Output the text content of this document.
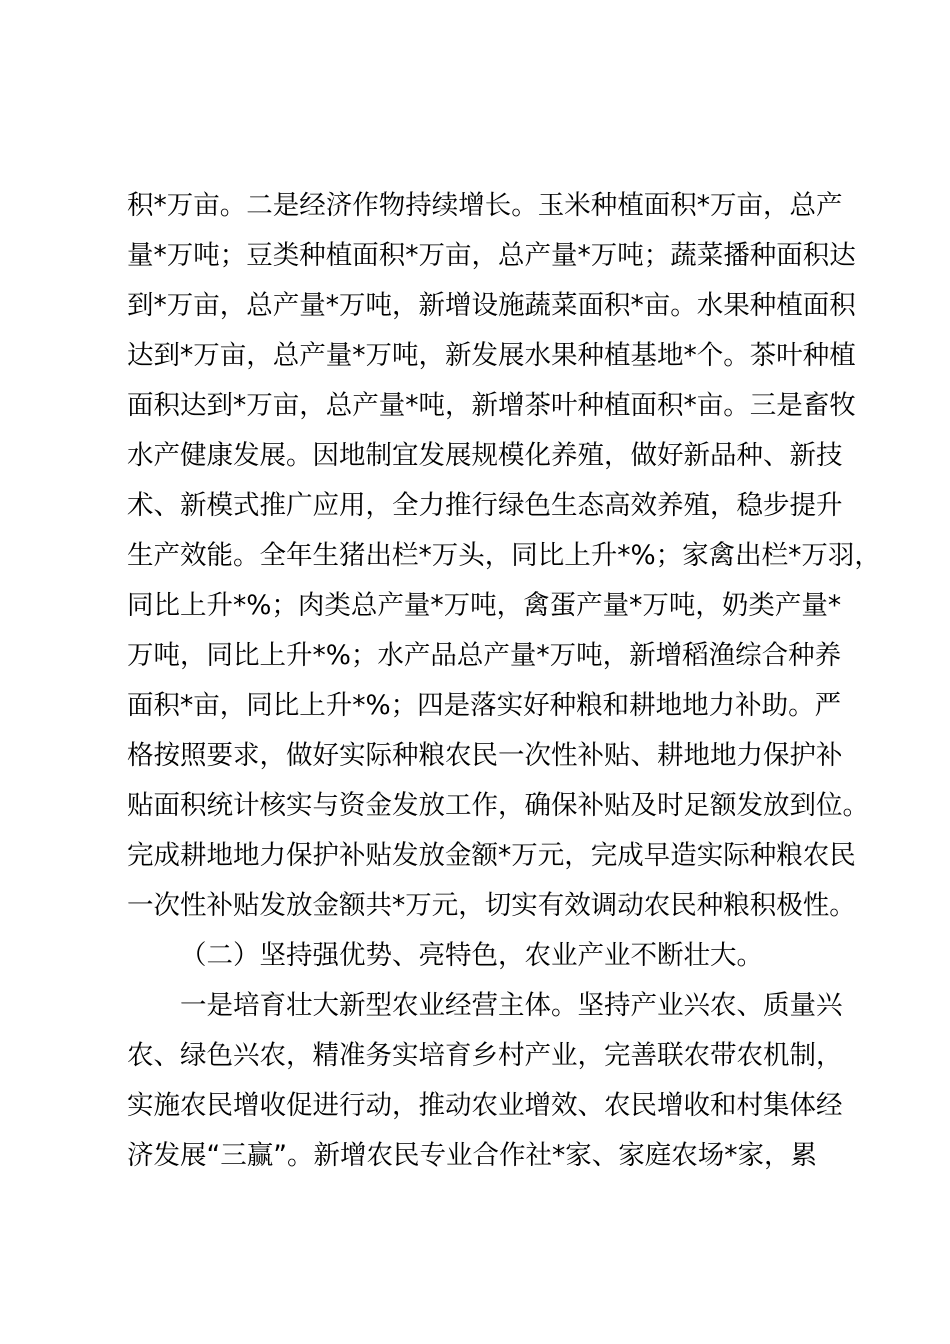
积*万亩。二是经济作物持续增长。玉米种植面积*万亩，总产
量*万吨；豆类种植面积*万亩，总产量*万吨；蔬菜播种面积达
到*万亩，总产量*万吨，新增设施蔬菜面积*亩。水果种植面积
达到*万亩，总产量*万吨，新发展水果种植基地*个。茶叶种植
面积达到*万亩，总产量*吨，新增茶叶种植面积*亩。三是畜牧
水产健康发展。因地制宜发展规模化养殖，做好新品种、新技
术、新模式推广应用，全力推行绿色生态高效养殖，稳步提升
生产效能。全年生猪出栏*万头，同比上升*%；家禽出栏*万羽，
同比上升*%；肉类总产量*万吨，禽蛋产量*万吨，奶类产量*
万吨，同比上升*%；水产品总产量*万吨，新增稻渔综合种养
面积*亩，同比上升*%；四是落实好种粮和耕地地力补助。严
格按照要求，做好实际种粮农民一次性补贴、耕地地力保护补
贴面积统计核实与资金发放工作，确保补贴及时足额发放到位。
完成耕地地力保护补贴发放金额*万元，完成早造实际种粮农民
一次性补贴发放金额共*万元，切实有效调动农民种粮积极性。
（二）坚持强优势、亮特色，农业产业不断壮大。
一是培育壮大新型农业经营主体。坚持产业兴农、质量兴
农、绿色兴农，精准务实培育乡村产业，完善联农带农机制，
实施农民增收促进行动，推动农业增效、农民增收和村集体经
济发展“三赢”。新增农民专业合作社*家、家庭农场*家，累
